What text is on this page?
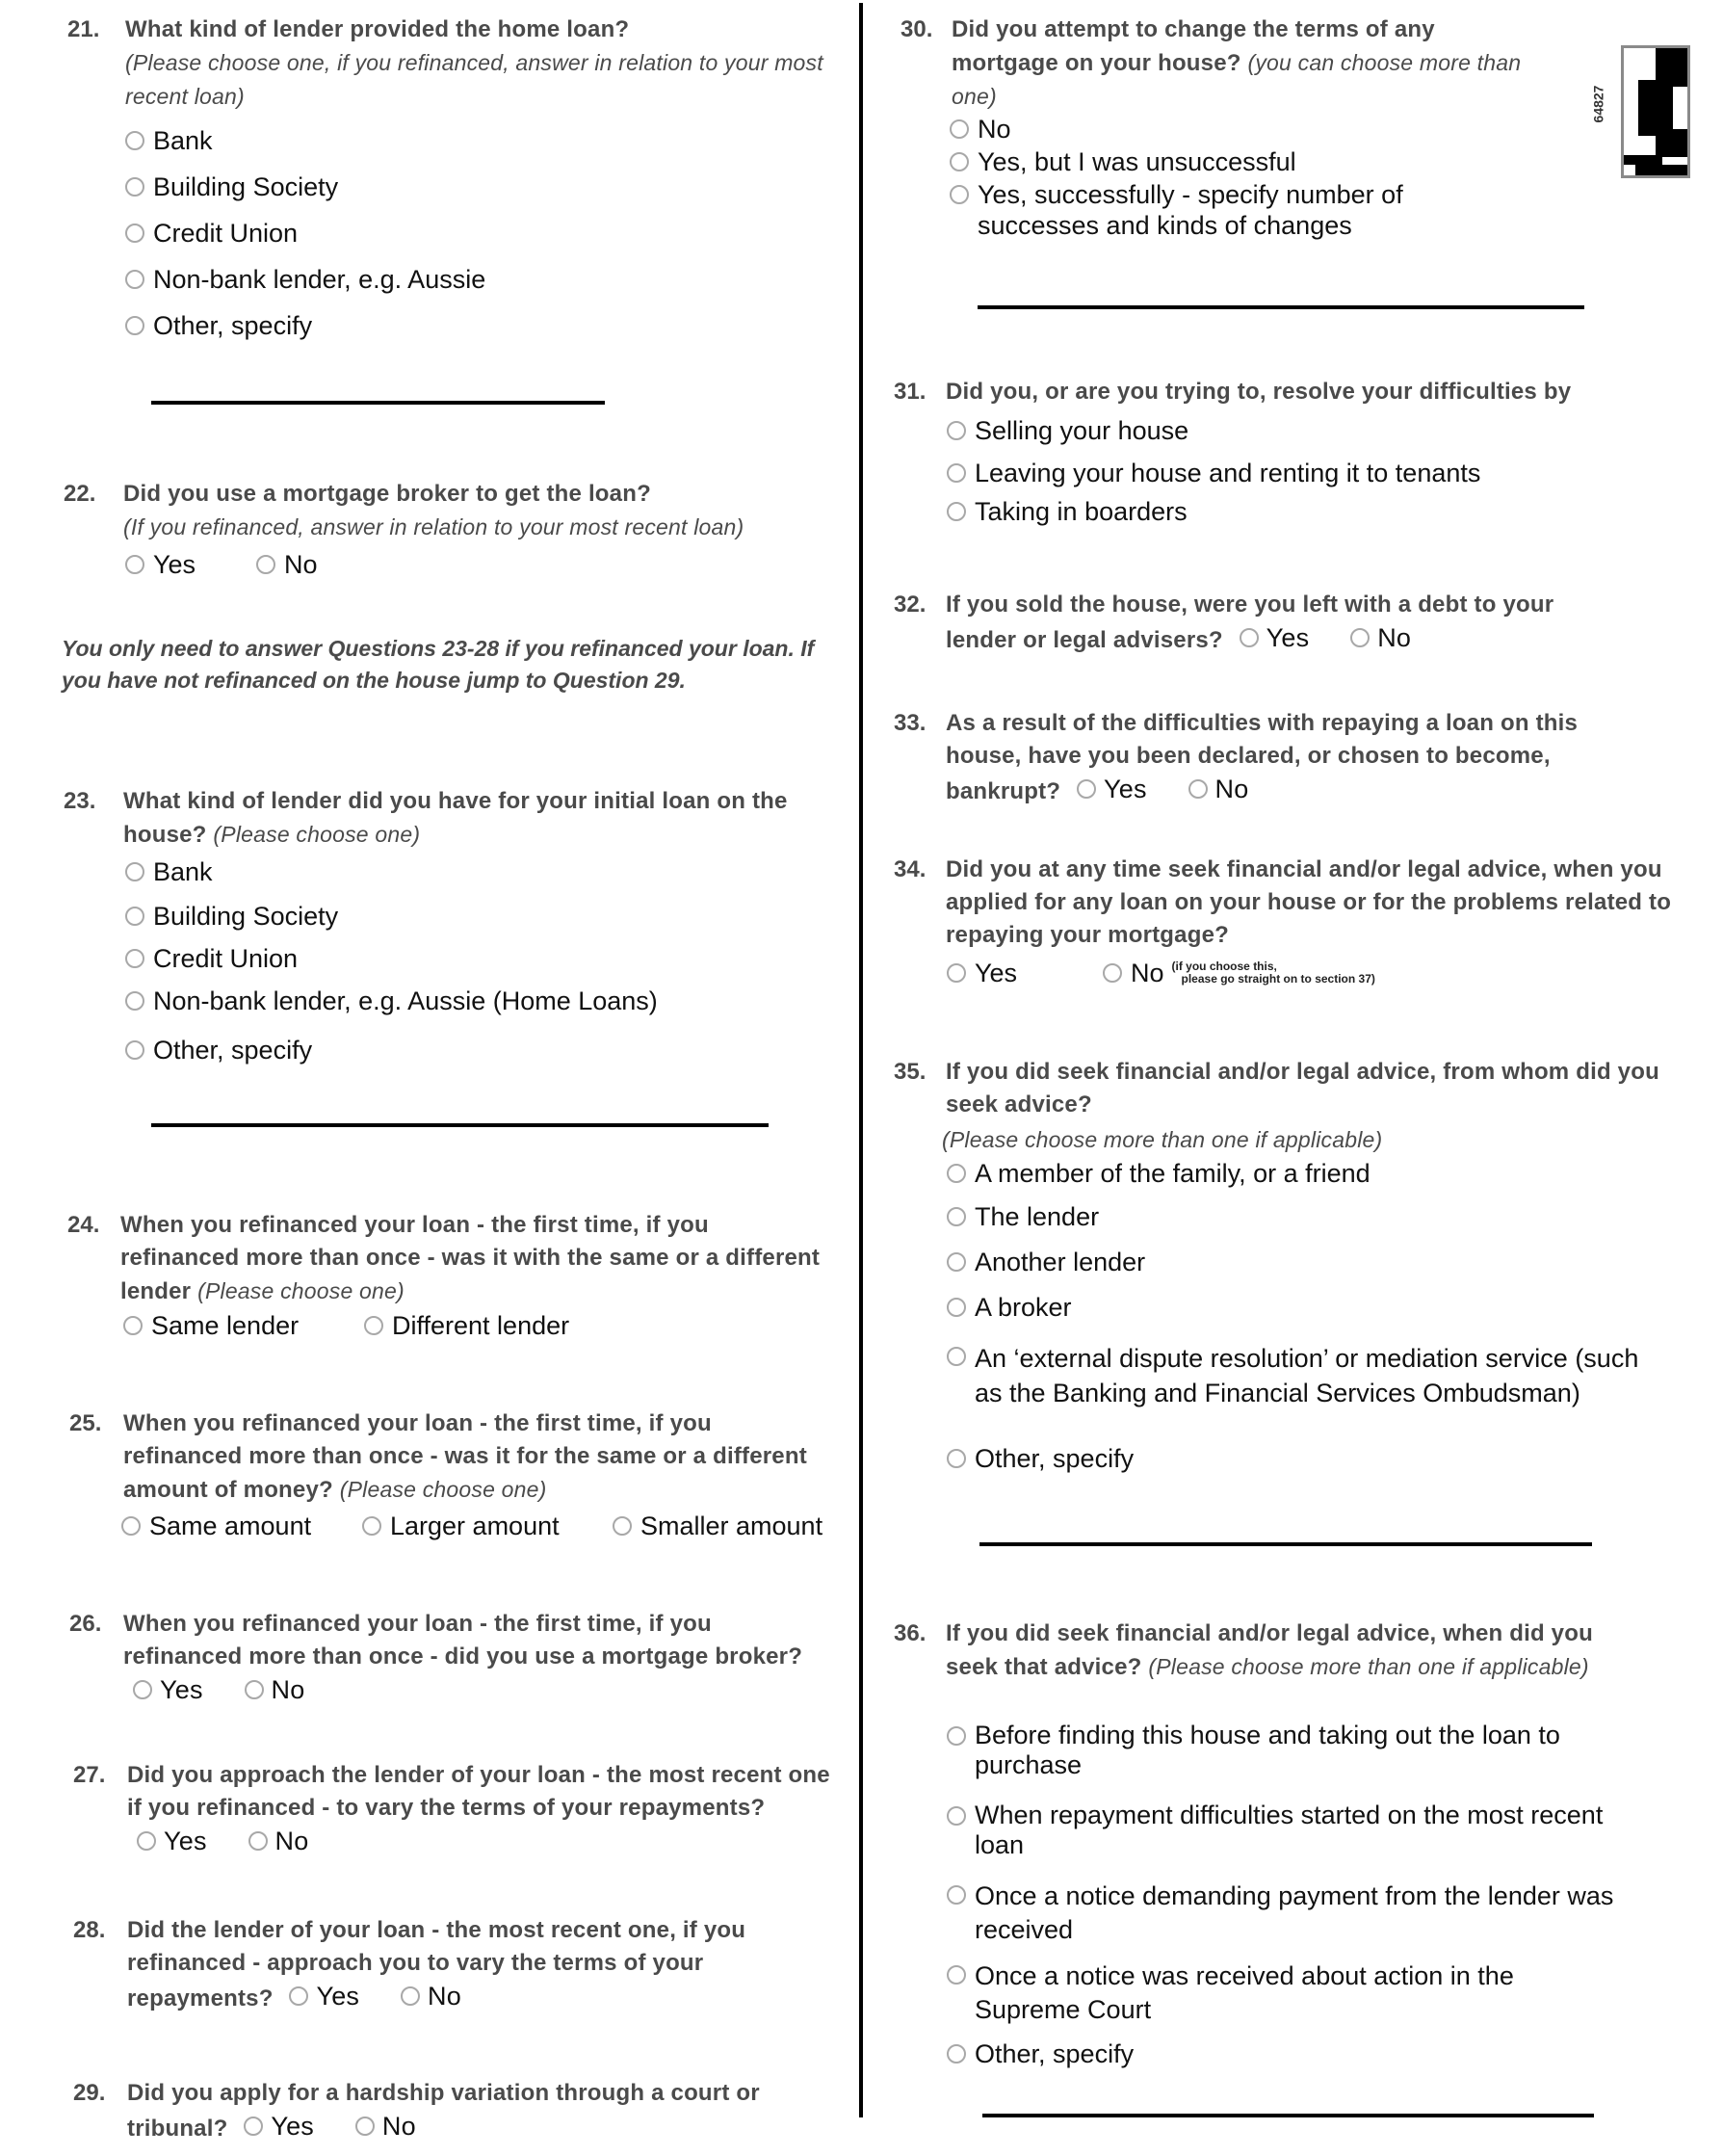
64827
21. What kind of lender provided the home loan?
(Please choose one, if you refinanced, answer in relation to your most recent loan)
Bank
Building Society
Credit Union
Non-bank lender, e.g. Aussie
Other, specify
22. Did you use a mortgage broker to get the loan?
(If you refinanced, answer in relation to your most recent loan)
Yes	No
You only need to answer Questions 23-28 if you refinanced your loan. If you have not refinanced on the house jump to Question 29.
23. What kind of lender did you have for your initial loan on the house? (Please choose one)
Bank
Building Society
Credit Union
Non-bank lender, e.g. Aussie (Home Loans)
Other, specify
24. When you refinanced your loan - the first time, if you refinanced more than once - was it with the same or a different lender (Please choose one)
Same lender	Different lender
25. When you refinanced your loan - the first time, if you refinanced more than once - was it for the same or a different amount of money? (Please choose one)
Same amount	Larger amount	Smaller amount
26. When you refinanced your loan - the first time, if you refinanced more than once - did you use a mortgage broker?
Yes
	No
27. Did you approach the lender of your loan - the most recent one if you refinanced - to vary the terms of your repayments?
Yes
	No
28. Did the lender of your loan - the most recent one, if you refinanced - approach you to vary the terms of your repayments? Yes
	No
29. Did you apply for a hardship variation through a court or tribunal? Yes
	No
30. Did you attempt to change the terms of any mortgage on your house? (you can choose more than one)
No
Yes, but I was unsuccessful
Yes, successfully - specify number of successes and kinds of changes
31. Did you, or are you trying to, resolve your difficulties by
Selling your house
Leaving your house and renting it to tenants
Taking in boarders
32. If you sold the house, were you left with a debt to your lender or legal advisers? Yes
	No
33. As a result of the difficulties with repaying a loan on this house, have you been declared, or chosen to become, bankrupt? Yes
	No
34. Did you at any time seek financial and/or legal advice, when you applied for any loan on your house or for the problems related to repaying your mortgage?
Yes	No (if you choose this,
please go straight on to section 37)
35. If you did seek financial and/or legal advice, from whom did you seek advice?
(Please choose more than one if applicable)
A member of the family, or a friend
The lender
Another lender
A broker
An ‘external dispute resolution’ or mediation service (such as the Banking and Financial Services Ombudsman)
Other, specify
36. If you did seek financial and/or legal advice, when did you seek that advice? (Please choose more than one if applicable)
Before finding this house and taking out the loan to purchase
When repayment difficulties started on the most recent loan
Once a notice demanding payment from the lender was received
Once a notice was received about action in the Supreme Court
Other, specify
